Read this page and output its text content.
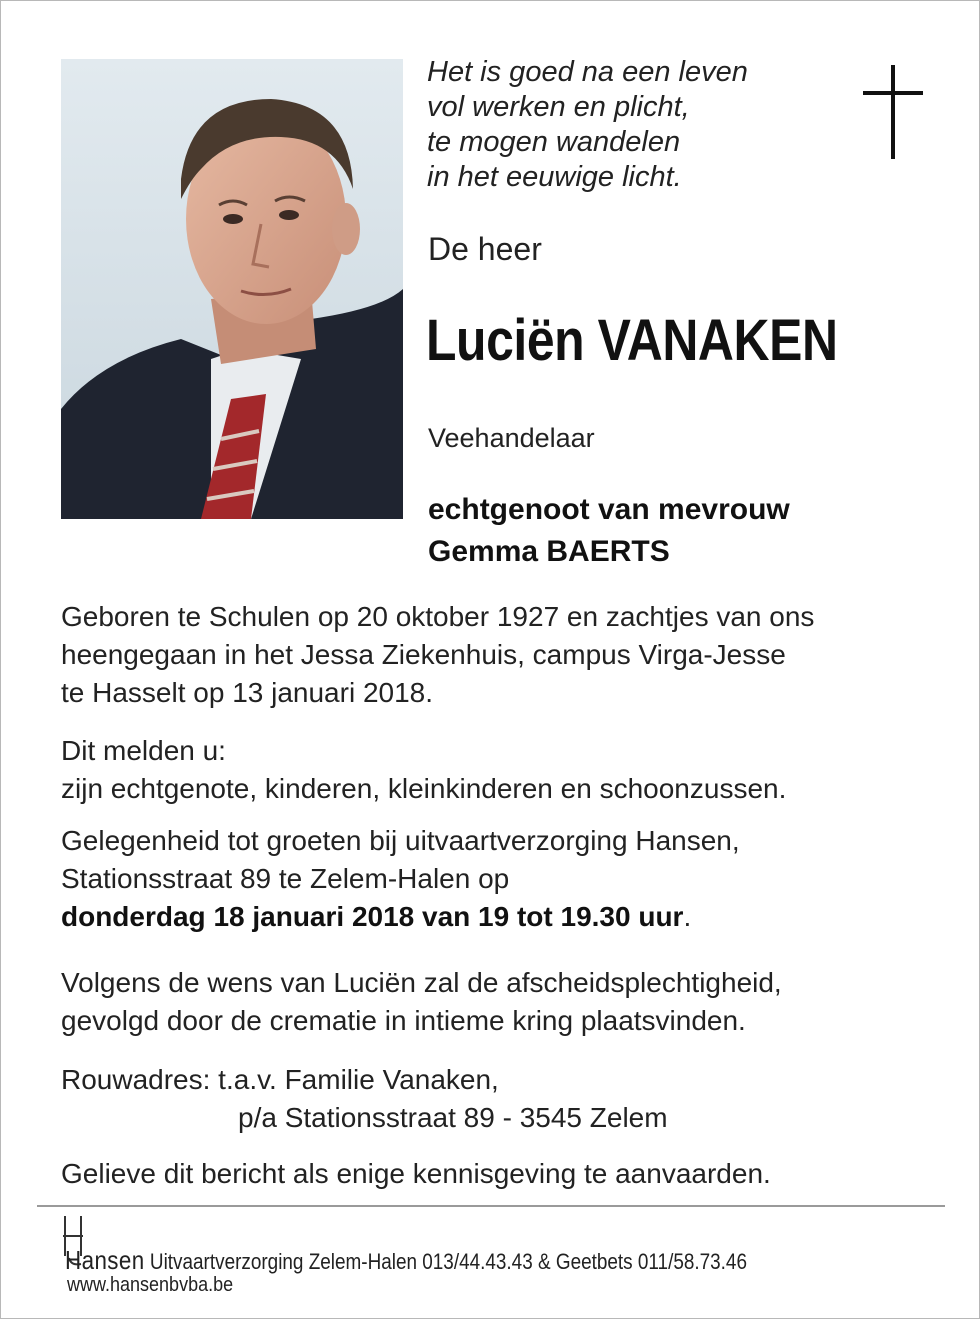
Het is goed na een leven
vol werken en plicht,
te mogen wandelen
in het eeuwige licht.
De heer
Luciën VANAKEN
Veehandelaar
echtgenoot van mevrouw
Gemma BAERTS
Geboren te Schulen op 20 oktober 1927 en zachtjes van ons
heengegaan in het Jessa Ziekenhuis, campus Virga-Jesse
te Hasselt op 13 januari 2018.
Dit melden u:
zijn echtgenote, kinderen, kleinkinderen en schoonzussen.
Gelegenheid tot groeten bij uitvaartverzorging Hansen,
Stationsstraat 89 te Zelem-Halen op
donderdag 18 januari 2018 van 19 tot 19.30 uur.
Volgens de wens van Luciën zal de afscheidsplechtigheid,
gevolgd door de crematie in intieme kring plaatsvinden.
Rouwadres: t.a.v. Familie Vanaken,
p/a Stationsstraat 89 - 3545 Zelem
Gelieve dit bericht als enige kennisgeving te aanvaarden.
Hansen Uitvaartverzorging Zelem-Halen 013/44.43.43 & Geetbets 011/58.73.46
www.hansenbvba.be
